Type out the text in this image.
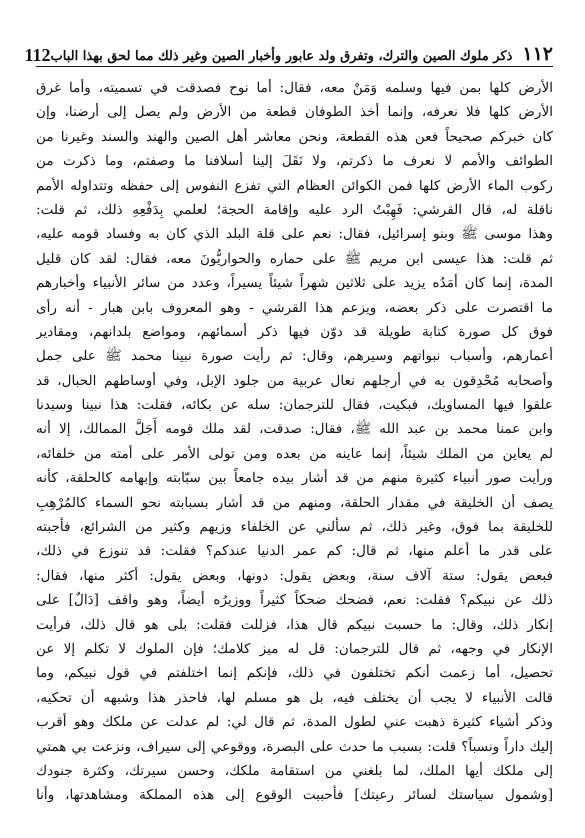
١١٢
ذكر ملوك الصين والترك، وتفرق ولد عابور وأخبار الصين وغير ذلك مما لحق بهذا الباب
112
الأرض كلها بمن فيها وسلمه وَمَنْ معه، فقال: أما نوح فصدقت في تسميته، وأما غرق
الأرض كلها فلا نعرفه، وإنما أخذ الطوفان قطعة من الأرض ولم يصل إلى أرضنا، وإن
كان خبركم صحيحاً فعن هذه القطعة، ونحن معاشر أهل الصين والهند والسند وغيرنا من
الطوائف والأمم لا نعرف ما ذكرتم، ولا نَقَلَ إلينا أسلافنا ما وصفتم، وما ذكرت من
ركوب الماء الأرض كلها فمن الكوائن العظام التي تفزع النفوس إلى حفظه وتتداوله الأمم
ناقلة له، قال القرشي: فَهِبْتُ الرد عليه وإقامة الحجة؛ لعلمي بِدَفْعِهِ ذلك، ثم قلت:
وهذا موسى ﷺ وبنو إسرائيل، فقال: نعم على قلة البلد الذي كان به وفساد قومه عليه،
ثم قلت: هذا عيسى ابن مريم ﷺ على حماره والحواريُّونَ معه، فقال: لقد كان قليل
المدة، إنما كان أمَدُه يزيد على ثلاثين شهراً شيئاً يسيراً، وعدد من سائر الأنبياء وأخبارهم
ما اقتصرت على ذكر بعضه، ويزعم هذا القرشي - وهو المعروف بابن هبار - أنه رأى
فوق كل صورة كتابة طويلة قد دوّن فيها ذكر أسمائهم، ومواضع بلدانهم، ومقادير
أعمارهم، وأسباب نبواتهم وسيرهم، وقال: ثم رأيت صورة نبينا محمد ﷺ على جمل
وأصحابه مُحْدِقون به في أرجلهم نعال عربية من جلود الإبل، وفي أوساطهم الحبال، قد
علقوا فيها المساويك، فبكيت، فقال للترجمان: سله عن بكائه، فقلت: هذا نبينا وسيدنا
وابن عمنا محمد بن عبد الله ﷺ، فقال: صدقت، لقد ملك قومه أَجَلَّ الممالك، إلا أنه
لم يعاين من الملك شيئاً، إنما عاينه من بعده ومن تولى الأمر على أمته من خلفائه،
ورأيت صور أنبياء كثيرة منهم من قد أشار بيده جامعاً بين سبّابته وإبهامه كالحلقة، كأنه
يصف أن الخليقة في مقدار الحلقة، ومنهم من قد أشار بسبابته نحو السماء كالمُرْهِبِ
للخليقة بما فوق، وغير ذلك، ثم سألني عن الخلفاء وزيهم وكثير من الشرائع، فأجبته
على قدر ما أعلم منها، ثم قال: كم عمر الدنيا عندكم؟ فقلت: قد تنوزع في ذلك،
فبعض يقول: ستة آلاف سنة، وبعض يقول: دونها، وبعض يقول: أكثر منها، فقال:
ذلك عن نبيكم؟ فقلت: نعم، فضحك ضحكاً كثيراً ووزيرُه أيضاً، وهو واقف [دَالٌ] على
إنكار ذلك، وقال: ما حسبت نبيكم قال هذا، فزللت فقلت: بلى هو قال ذلك، فرأيت
الإنكار في وجهه، ثم قال للترجمان: قل له ميز كلامك؛ فإن الملوك لا تكلم إلا عن
تحصيل، أما زعمت أنكم تختلفون في ذلك، فإنكم إنما اختلفتم في قول نبيكم، وما
قالت الأنبياء لا يجب أن يختلف فيه، بل هو مسلم لها، فاحذر هذا وشبهه أن تحكيه،
وذكر أشياء كثيرة ذهبت عني لطول المدة، ثم قال لي: لم عدلت عن ملكك وهو أقرب
إليك داراً ونسباً؟ قلت: بسبب ما حدث على البصرة، ووقوعي إلى سيراف، ونزعت بي همتي
إلى ملكك أيها الملك، لما بلغني من استقامة ملكك، وحسن سيرتك، وكثرة جنودك
[وشمول سياستك لسائر رعيتك] فأحببت الوقوع إلى هذه المملكة ومشاهدتها، وأنا
